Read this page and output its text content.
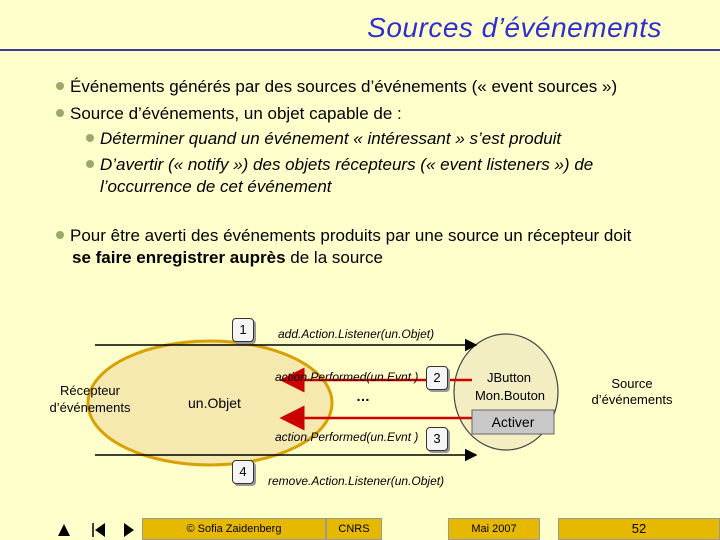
Sources d’événements
Événements générés par des sources d’événements (« event sources »)
Source d’événements, un objet capable de :
Déterminer quand un événement « intéressant » s’est produit
D’avertir (« notify ») des objets récepteurs (« event listeners ») de
l’occurrence de cet événement
Pour être averti des événements produits par une source un récepteur doit
se faire enregistrer auprès de la source
Récepteur
d’événements	un.Objet
1	add.Action.Listener(un.Objet)
action.Performed(un.Evnt )	2
…
action.Performed(un.Evnt )	3
4
remove.Action.Listener(un.Objet)
JButton
Mon.Bouton
Activer
Source
d’événements
© Sofia Zaidenberg	CNRS	Mai 2007	52
